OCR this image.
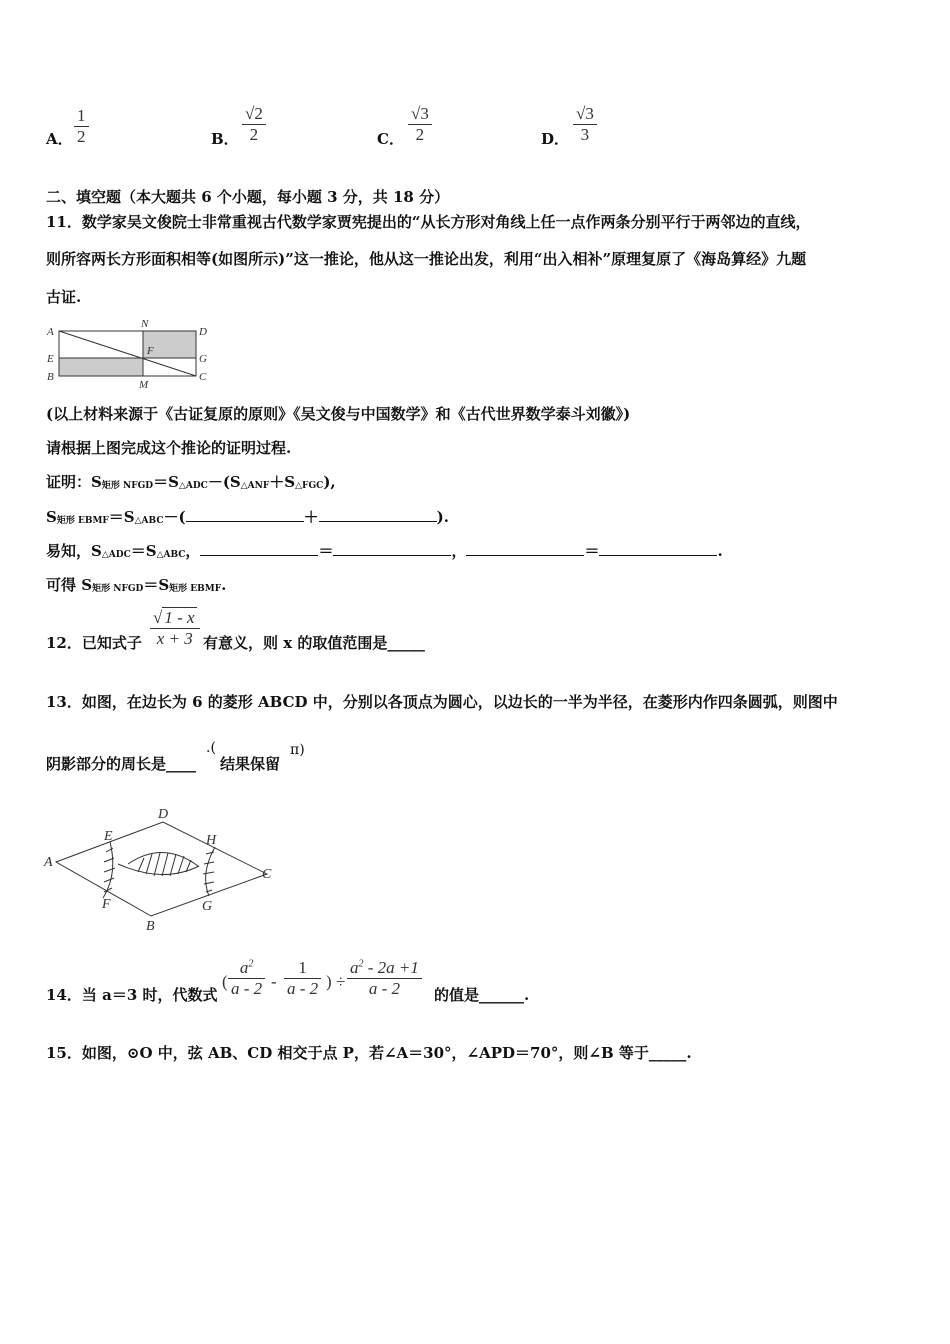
A．
1
2	B．
√2
2	C．
√3
2	D．
√3
3
二、填空题（本大题共 6 个小题，每小题 3 分，共 18 分）
11．数学家吴文俊院士非常重视古代数学家贾宪提出的“从长方形对角线上任一点作两条分别平行于两邻边的直线，
则所容两长方形面积相等(如图所示)”这一推论，他从这一推论出发，利用“出入相补”原理复原了《海岛算经》九题
古证.
A
N
D
E
F
G
B
M
C
(以上材料来源于《古证复原的原则》《吴文俊与中国数学》和《古代世界数学泰斗刘徽》)
请根据上图完成这个推论的证明过程.
证明：S矩形 NFGD＝S△ADC－(S△ANF＋S△FGC),
S矩形 EBMF＝S△ABC－(	＋	).
易知，S△ADC＝S△ABC，	＝	，	＝	.
可得 S矩形 NFGD＝S矩形 EBMF.
12．已知式子
√ 1 - x
x + 3 有意义，则 x 的取值范围是_____
13．如图，在边长为 6 的菱形 ABCD 中，分别以各顶点为圆心，以边长的一半为半径，在菱形内作四条圆弧，则图中
阴影部分的周长是____
.(
结果保留
π)
A
D
C
B
E
F
H
G
14．当 a＝3 时，代数式
(
$a^2$
a - 2 -
1
a - 2 ) ÷
$a^2 - 2a +1$
a - 2 的值是______.
15．如图，⊙O 中，弦 AB、CD 相交于点 P，若∠A＝30°，∠APD＝70°，则∠B 等于_____.
